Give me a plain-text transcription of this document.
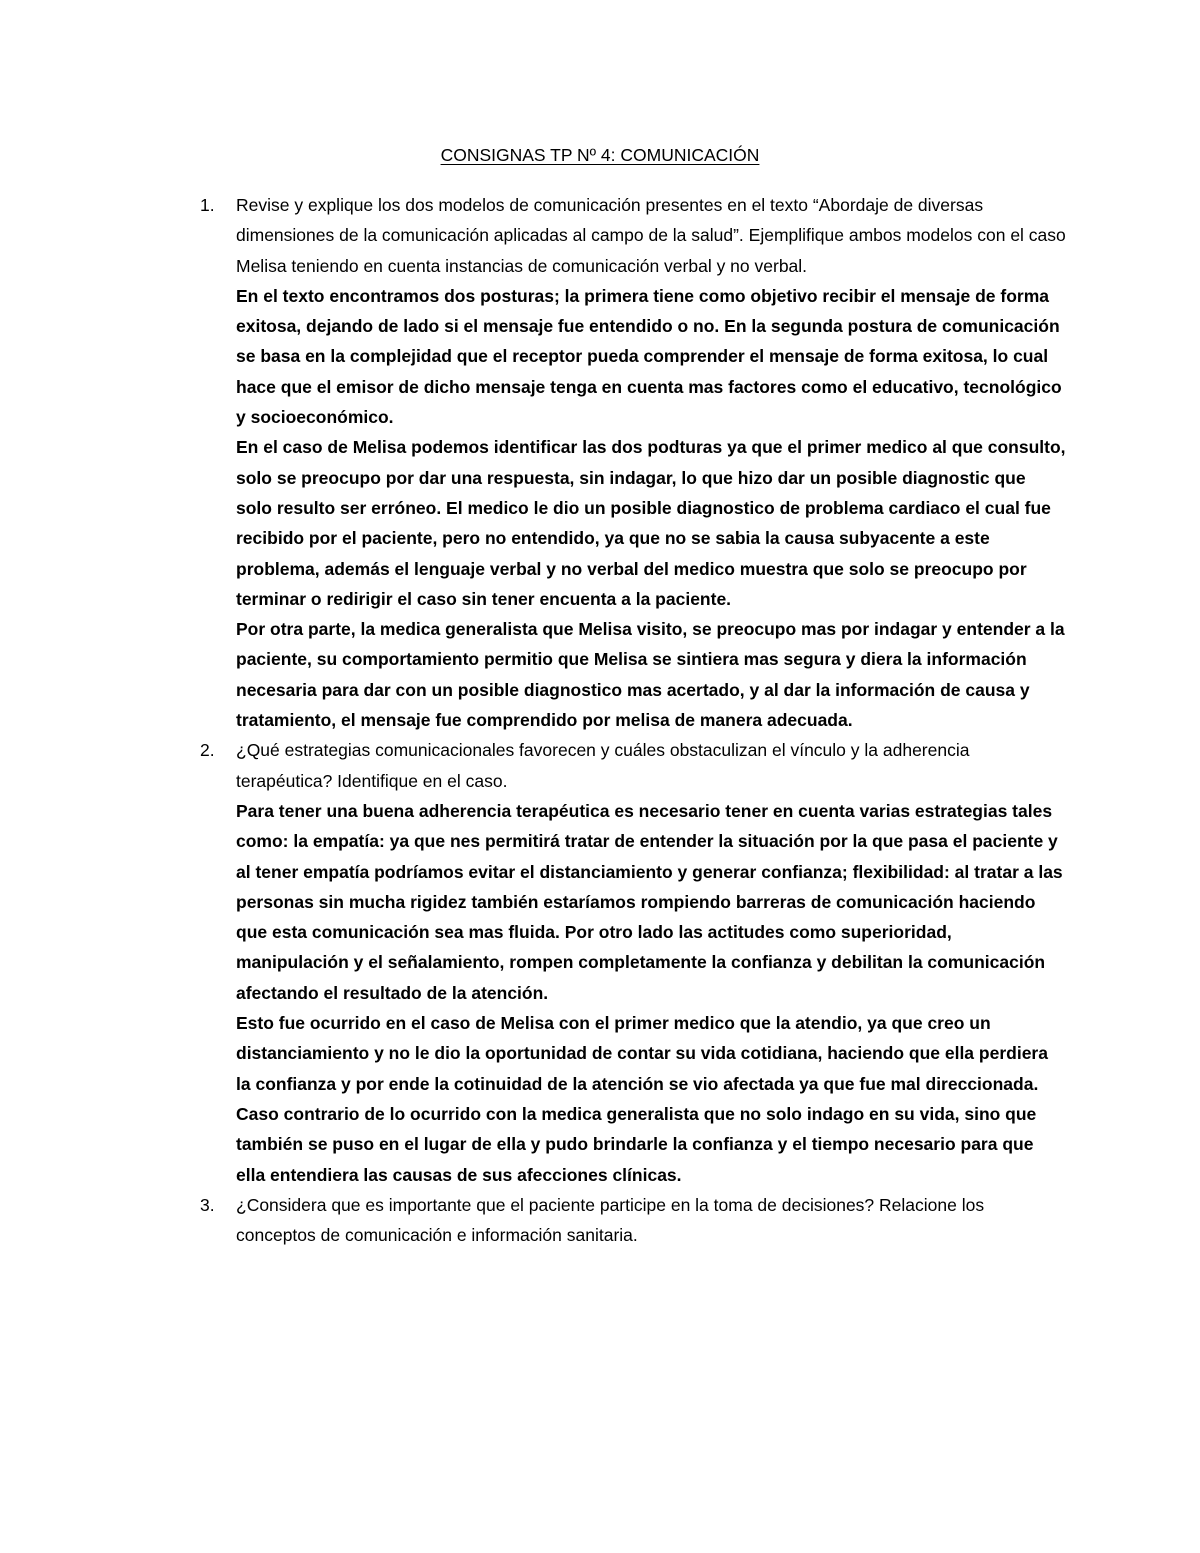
CONSIGNAS TP Nº 4: COMUNICACIÓN
1. Revise y explique los dos modelos de comunicación presentes en el texto “Abordaje de diversas dimensiones de la comunicación aplicadas al campo de la salud”. Ejemplifique ambos modelos con el caso Melisa teniendo en cuenta instancias de comunicación verbal y no verbal.

En el texto encontramos dos posturas; la primera tiene como objetivo recibir el mensaje de forma exitosa, dejando de lado si el mensaje fue entendido o no. En la segunda postura de comunicación se basa en la complejidad que el receptor pueda comprender el mensaje de forma exitosa, lo cual hace que el emisor de dicho mensaje tenga en cuenta mas factores como el educativo, tecnológico y socioeconómico.

En el caso de Melisa podemos identificar las dos podturas ya que el primer medico al que consulto, solo se preocupo por dar una respuesta, sin indagar, lo que hizo dar un posible diagnostic que solo resulto ser erróneo. El medico le dio un posible diagnostico de problema cardiaco el cual fue recibido por el paciente, pero no entendido, ya que no se sabia la causa subyacente a este problema, además el lenguaje verbal y no verbal del medico muestra que solo se preocupo por terminar o redirigir el caso sin tener encuenta a la paciente.

Por otra parte, la medica generalista que Melisa visito, se preocupo mas por indagar y entender a la paciente, su comportamiento permitio que Melisa se sintiera mas segura y diera la información necesaria para dar con un posible diagnostico mas acertado, y al dar la información de causa y tratamiento, el mensaje fue comprendido por melisa de manera adecuada.

2. ¿Qué estrategias comunicacionales favorecen y cuáles obstaculizan el vínculo y la adherencia terapéutica? Identifique en el caso.

Para tener una buena adherencia terapéutica es necesario tener en cuenta varias estrategias tales como: la empatía: ya que nes permitirá tratar de entender la situación por la que pasa el paciente y al tener empatía podríamos evitar el distanciamiento y generar confianza; flexibilidad: al tratar a las personas sin mucha rigidez también estaríamos rompiendo barreras de comunicación haciendo que esta comunicación sea mas fluida. Por otro lado las actitudes como superioridad, manipulación y el señalamiento, rompen completamente la confianza y debilitan la comunicación afectando el resultado de la atención.

Esto fue ocurrido en el caso de Melisa con el primer medico que la atendio, ya que creo un distanciamiento y no le dio la oportunidad de contar su vida cotidiana, haciendo que ella perdiera la confianza y por ende la cotinuidad de la atención se vio afectada ya que fue mal direccionada.

Caso contrario de lo ocurrido con la medica generalista que no solo indago en su vida, sino que también se puso en el lugar de ella y pudo brindarle la confianza y el tiempo necesario para que ella entendiera las causas de sus afecciones clínicas.

3. ¿Considera que es importante que el paciente participe en la toma de decisiones? Relacione los conceptos de comunicación e información sanitaria.
